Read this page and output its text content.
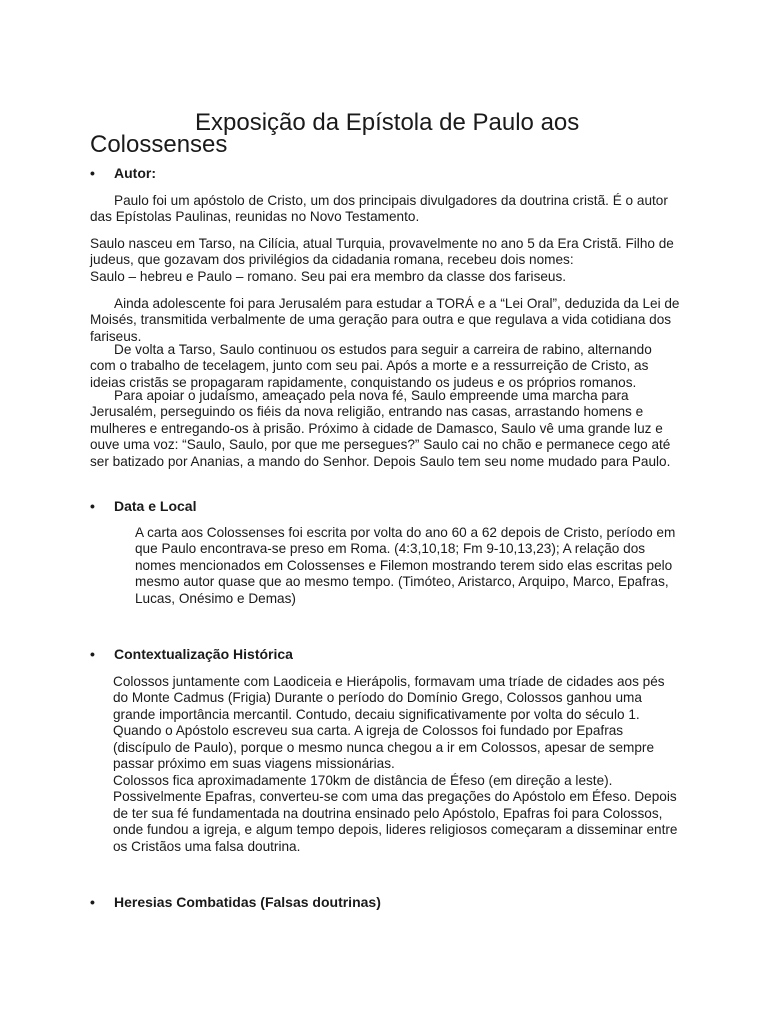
Exposição da Epístola de Paulo aos
Colossenses
• Autor:

Paulo foi um apóstolo de Cristo, um dos principais divulgadores da doutrina cristã. É o autor das Epístolas Paulinas, reunidas no Novo Testamento.

Saulo nasceu em Tarso, na Cilícia, atual Turquia, provavelmente no ano 5 da Era Cristã. Filho de judeus, que gozavam dos privilégios da cidadania romana, recebeu dois nomes:
Saulo – hebreu e Paulo – romano. Seu pai era membro da classe dos fariseus.

Ainda adolescente foi para Jerusalém para estudar a TORÁ e a “Lei Oral”, deduzida da Lei de Moisés, transmitida verbalmente de uma geração para outra e que regulava a vida cotidiana dos fariseus.

De volta a Tarso, Saulo continuou os estudos para seguir a carreira de rabino, alternando com o trabalho de tecelagem, junto com seu pai. Após a morte e a ressurreição de Cristo, as ideias cristãs se propagaram rapidamente, conquistando os judeus e os próprios romanos.

Para apoiar o judaísmo, ameaçado pela nova fé, Saulo empreende uma marcha para Jerusalém, perseguindo os fiéis da nova religião, entrando nas casas, arrastando homens e mulheres e entregando-os à prisão. Próximo à cidade de Damasco, Saulo vê uma grande luz e ouve uma voz: “Saulo, Saulo, por que me persegues?” Saulo cai no chão e permanece cego até ser batizado por Ananias, a mando do Senhor. Depois Saulo tem seu nome mudado para Paulo.

• Data e Local

A carta aos Colossenses foi escrita por volta do ano 60 a 62 depois de Cristo, período em que Paulo encontrava-se preso em Roma. (4:3,10,18; Fm 9-10,13,23); A relação dos nomes mencionados em Colossenses e Filemon mostrando terem sido elas escritas pelo mesmo autor quase que ao mesmo tempo. (Timóteo, Aristarco, Arquipo, Marco, Epafras, Lucas, Onésimo e Demas)

• Contextualização Histórica

Colossos juntamente com Laodiceia e Hierápolis, formavam uma tríade de cidades aos pés do Monte Cadmus (Frigia) Durante o período do Domínio Grego, Colossos ganhou uma grande importância mercantil. Contudo, decaiu significativamente por volta do século 1. Quando o Apóstolo escreveu sua carta. A igreja de Colossos foi fundado por Epafras (discípulo de Paulo), porque o mesmo nunca chegou a ir em Colossos, apesar de sempre passar próximo em suas viagens missionárias.

Colossos fica aproximadamente 170km de distância de Éfeso (em direção a leste). Possivelmente Epafras, converteu-se com uma das pregações do Apóstolo em Éfeso. Depois de ter sua fé fundamentada na doutrina ensinado pelo Apóstolo, Epafras foi para Colossos, onde fundou a igreja, e algum tempo depois, lideres religiosos começaram a disseminar entre os Cristãos uma falsa doutrina.

• Heresias Combatidas (Falsas doutrinas)
